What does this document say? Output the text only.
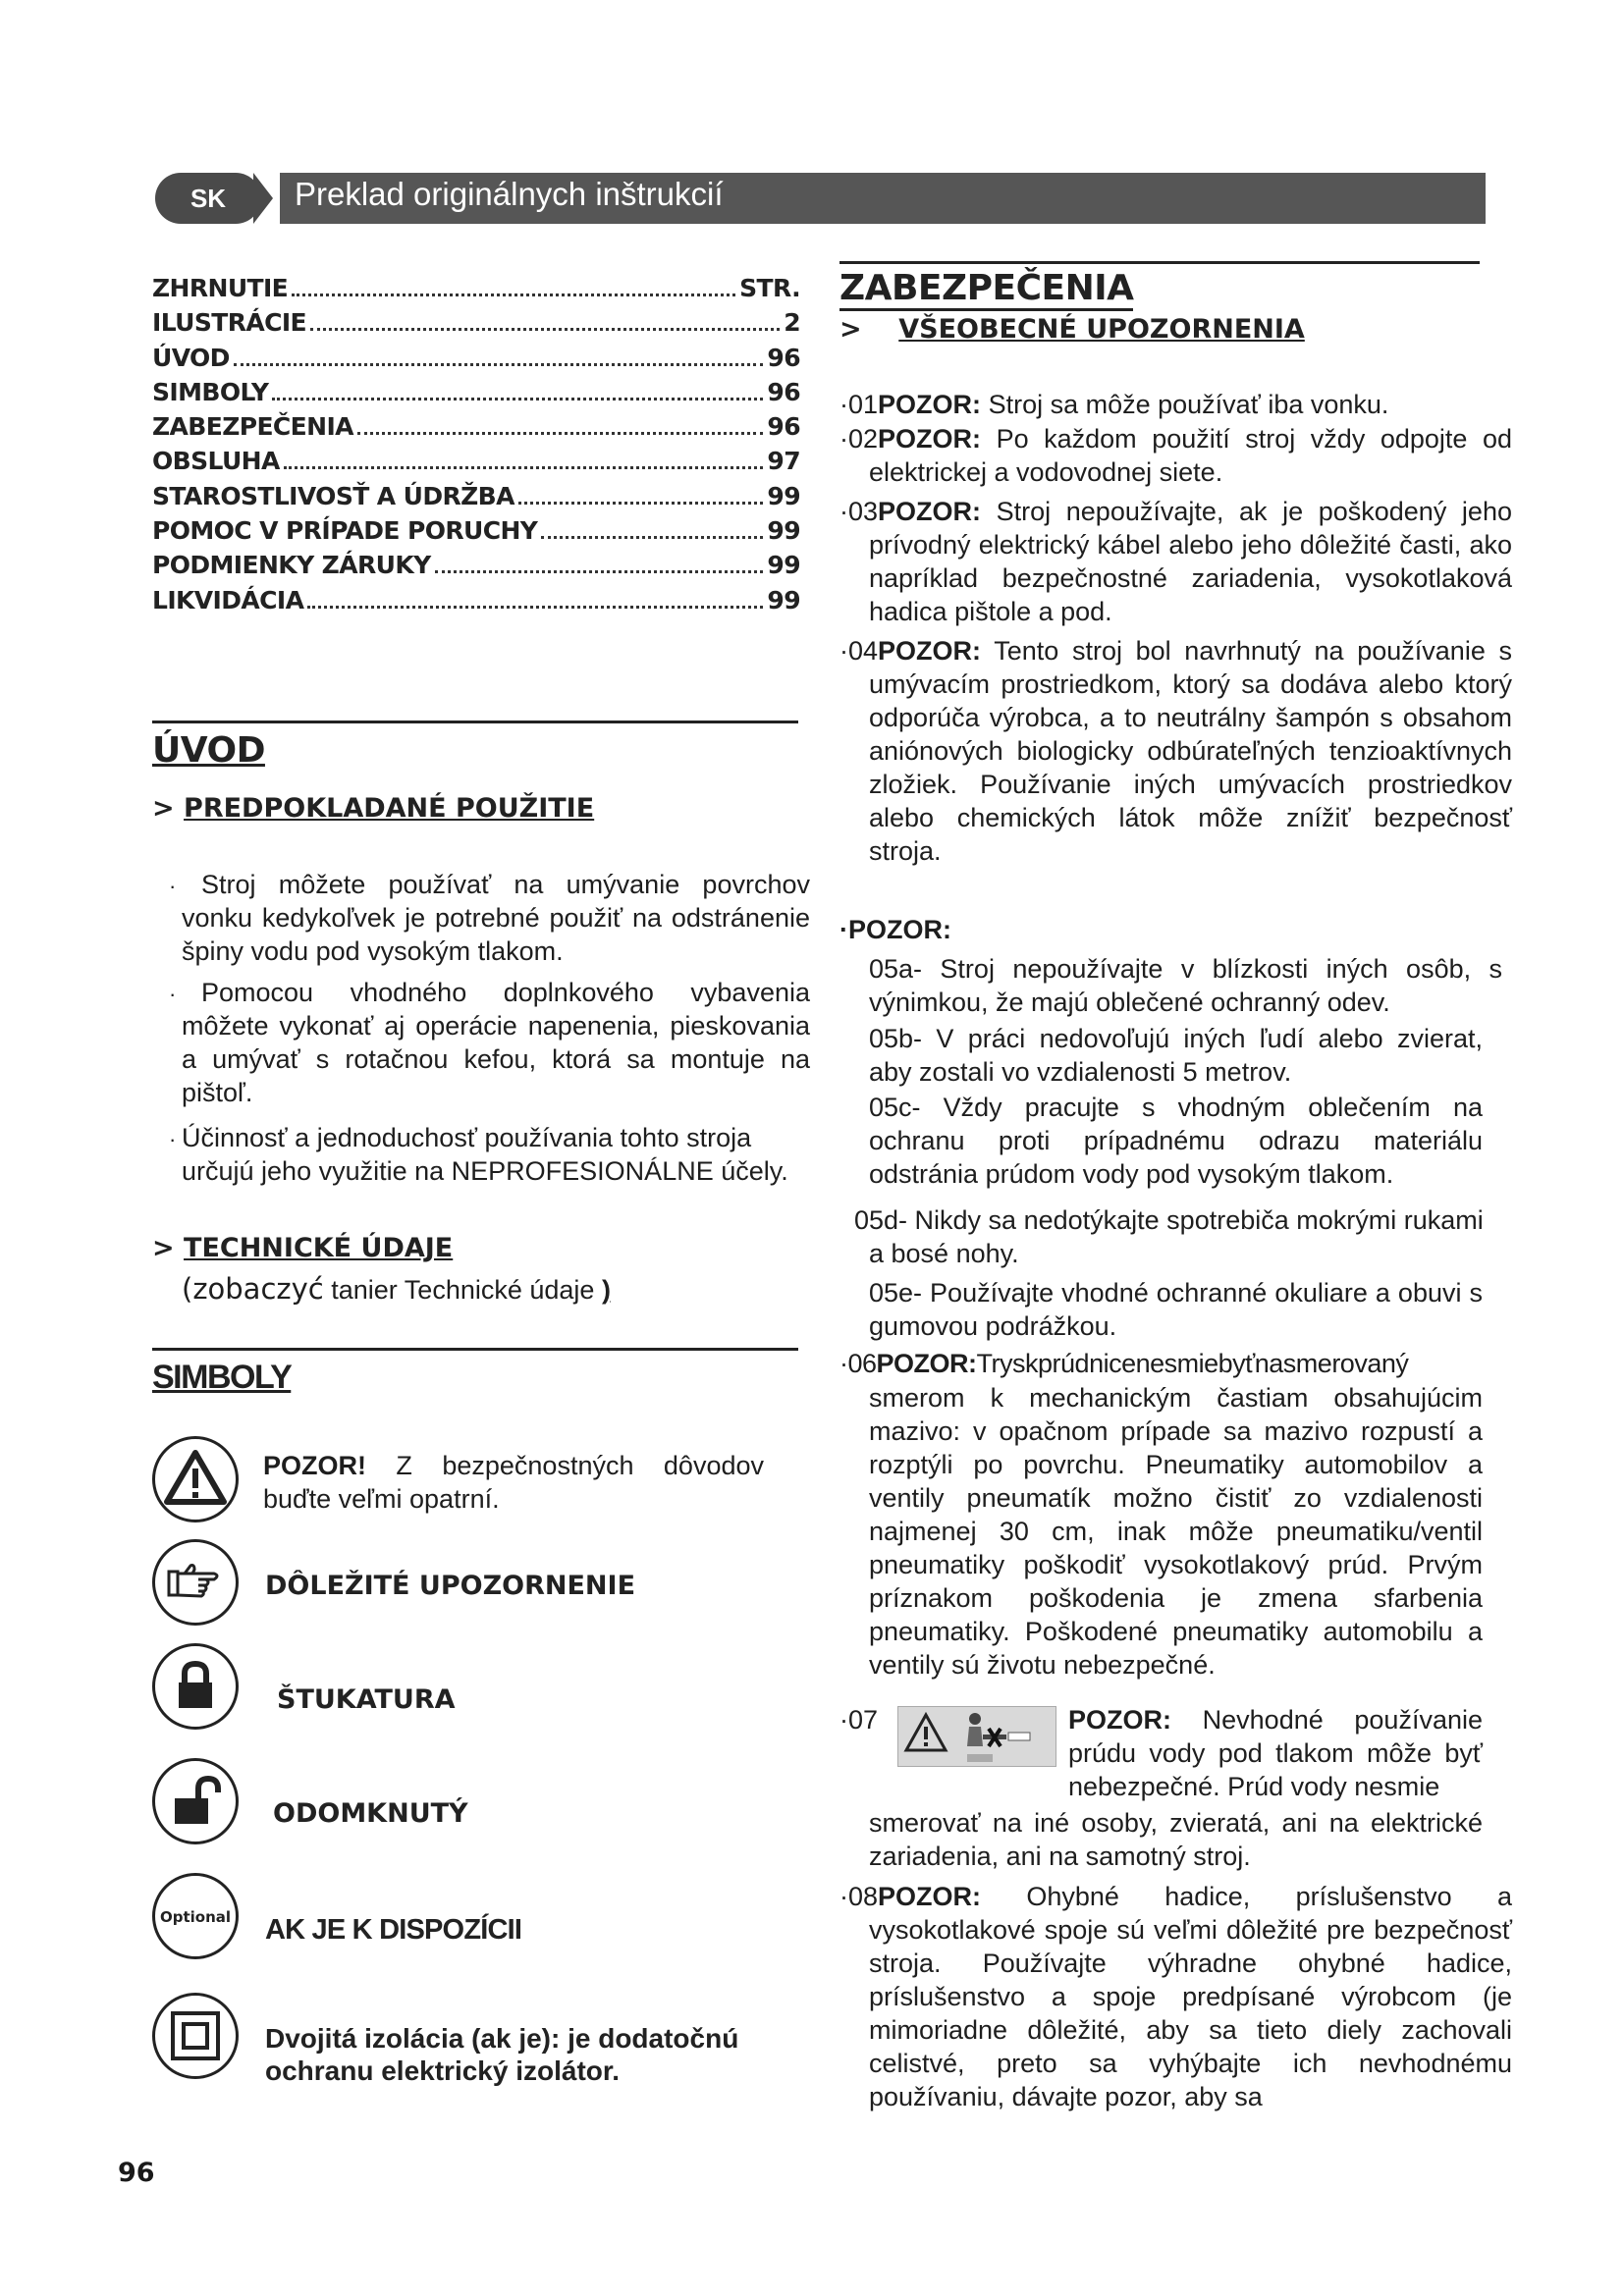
SK	Preklad originálnych inštrukcií
ZHRNUTIE	STR.
ILUSTRÁCIE	2
ÚVOD	96
SIMBOLY	96
ZABEZPEČENIA	96
OBSLUHA	97
STAROSTLIVOSŤ A ÚDRŽBA	99
POMOC V PRÍPADE PORUCHY	99
PODMIENKY ZÁRUKY	99
LIKVIDÁCIA	99
ÚVOD
> PREDPOKLADANÉ POUŽITIE
· Stroj môžete používať na umývanie povrchov vonku kedykoľvek je potrebné použiť na odstránenie špiny vodu pod vysokým tlakom.
· Pomocou vhodného doplnkového vybavenia môžete vykonať aj operácie napenenia, pieskovania a umývať s rotačnou kefou, ktorá sa montuje na pištoľ.
· Účinnosť a jednoduchosť používania tohto stroja určujú jeho využitie na NEPROFESIONÁLNE účely.
> TECHNICKÉ ÚDAJE
(zobaczyć tanier Technické údaje )
SIMBOLY
POZOR! Z bezpečnostných dôvodov buďte veľmi opatrní.
DÔLEŽITÉ UPOZORNENIE
ŠTUKATURA
ODOMKNUTÝ
Optional AK JE K DISPOZÍCII
Dvojitá izolácia (ak je): je dodatočnú ochranu elektrický izolátor.
96
ZABEZPEČENIA
> VŠEOBECNÉ UPOZORNENIA
·01POZOR: Stroj sa môže používať iba vonku.
·02POZOR: Po každom použití stroj vždy odpojte od elektrickej a vodovodnej siete.
·03POZOR: Stroj nepoužívajte, ak je poškodený jeho prívodný elektrický kábel alebo jeho dôležité časti, ako napríklad bezpečnostné zariadenia, vysokotlaková hadica pištole a pod.
·04POZOR: Tento stroj bol navrhnutý na používanie s umývacím prostriedkom, ktorý sa dodáva alebo ktorý odporúča výrobca, a to neutrálny šampón s obsahom aniónových biologicky odbúrateľných tenzioaktívnych zložiek. Používanie iných umývacích prostriedkov alebo chemických látok môže znížiť bezpečnosť stroja.
·POZOR:
05a- Stroj nepoužívajte v blízkosti iných osôb, s výnimkou, že majú oblečené ochranný odev.
05b- V práci nedovoľujú iných ľudí alebo zvierat, aby zostali vo vzdialenosti 5 metrov.
05c- Vždy pracujte s vhodným oblečením na ochranu proti prípadnému odrazu materiálu odstránia prúdom vody pod vysokým tlakom.
05d- Nikdy sa nedotýkajte spotrebiča mokrými rukami a bosé nohy.
05e- Používajte vhodné ochranné okuliare a obuvi s gumovou podrážkou.
·06POZOR:Tryskprúdnicenesmiebyťnasmerovaný
smerom k mechanickým častiam obsahujúcim mazivo: v opačnom prípade sa mazivo rozpustí a rozptýli po povrchu. Pneumatiky automobilov a ventily pneumatík možno čistiť zo vzdialenosti najmenej 30 cm, inak môže pneumatiku/ventil pneumatiky poškodiť vysokotlakový prúd. Prvým príznakom poškodenia je zmena sfarbenia pneumatiky. Poškodené pneumatiky automobilu a ventily sú životu nebezpečné.
·07	POZOR: Nevhodné používanie prúdu vody pod tlakom môže byť nebezpečné. Prúd vody nesmie
smerovať na iné osoby, zvieratá, ani na elektrické zariadenia, ani na samotný stroj.
·08POZOR: Ohybné hadice, príslušenstvo a vysokotlakové spoje sú veľmi dôležité pre bezpečnosť stroja. Používajte výhradne ohybné hadice, príslušenstvo a spoje predpísané výrobcom (je mimoriadne dôležité, aby sa tieto diely zachovali celistvé, preto sa vyhýbajte ich nevhodnému používaniu, dávajte pozor, aby sa
